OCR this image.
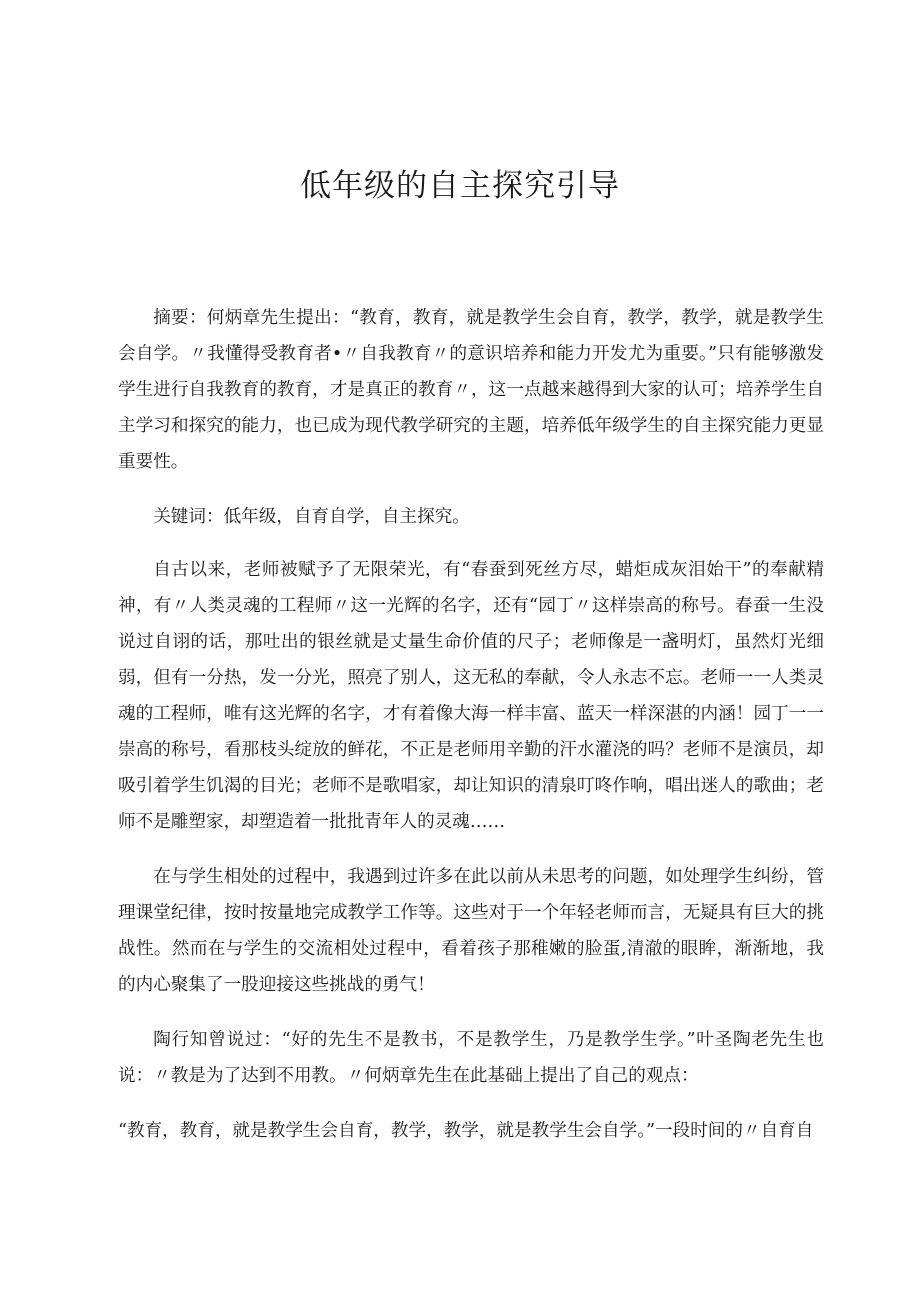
低年级的自主探究引导

摘要：何炳章先生提出：“教育，教育，就是教学生会自育，教学，教学，就是教学生会自学。〃我懂得受教育者•〃自我教育〃的意识培养和能力开发尤为重要。”只有能够激发学生进行自我教育的教育，才是真正的教育〃，这一点越来越得到大家的认可；培养学生自主学习和探究的能力，也已成为现代教学研究的主题，培养低年级学生的自主探究能力更显重要性。

关键词：低年级，自育自学，自主探究。

自古以来，老师被赋予了无限荣光，有“春蚕到死丝方尽，蜡炬成灰泪始干”的奉献精神，有〃人类灵魂的工程师〃这一光辉的名字，还有“园丁〃这样崇高的称号。春蚕一生没说过自诩的话，那吐出的银丝就是丈量生命价值的尺子；老师像是一盏明灯，虽然灯光细弱，但有一分热，发一分光，照亮了别人，这无私的奉献，令人永志不忘。老师一一人类灵魂的工程师，唯有这光辉的名字，才有着像大海一样丰富、蓝天一样深湛的内涵！园丁一一崇高的称号，看那枝头绽放的鲜花，不正是老师用辛勤的汗水灌浇的吗？老师不是演员，却吸引着学生饥渴的目光；老师不是歌唱家，却让知识的清泉叮咚作响，唱出迷人的歌曲；老师不是雕塑家，却塑造着一批批青年人的灵魂……

在与学生相处的过程中，我遇到过许多在此以前从未思考的问题，如处理学生纠纷，管理课堂纪律，按时按量地完成教学工作等。这些对于一个年轻老师而言，无疑具有巨大的挑战性。然而在与学生的交流相处过程中，看着孩子那稚嫩的脸蛋,清澈的眼眸，渐渐地，我的内心聚集了一股迎接这些挑战的勇气！

陶行知曾说过：“好的先生不是教书，不是教学生，乃是教学生学。”叶圣陶老先生也说：〃教是为了达到不用教。〃何炳章先生在此基础上提出了自己的观点：

“教育，教育，就是教学生会自育，教学，教学，就是教学生会自学。”一段时间的〃自育自
